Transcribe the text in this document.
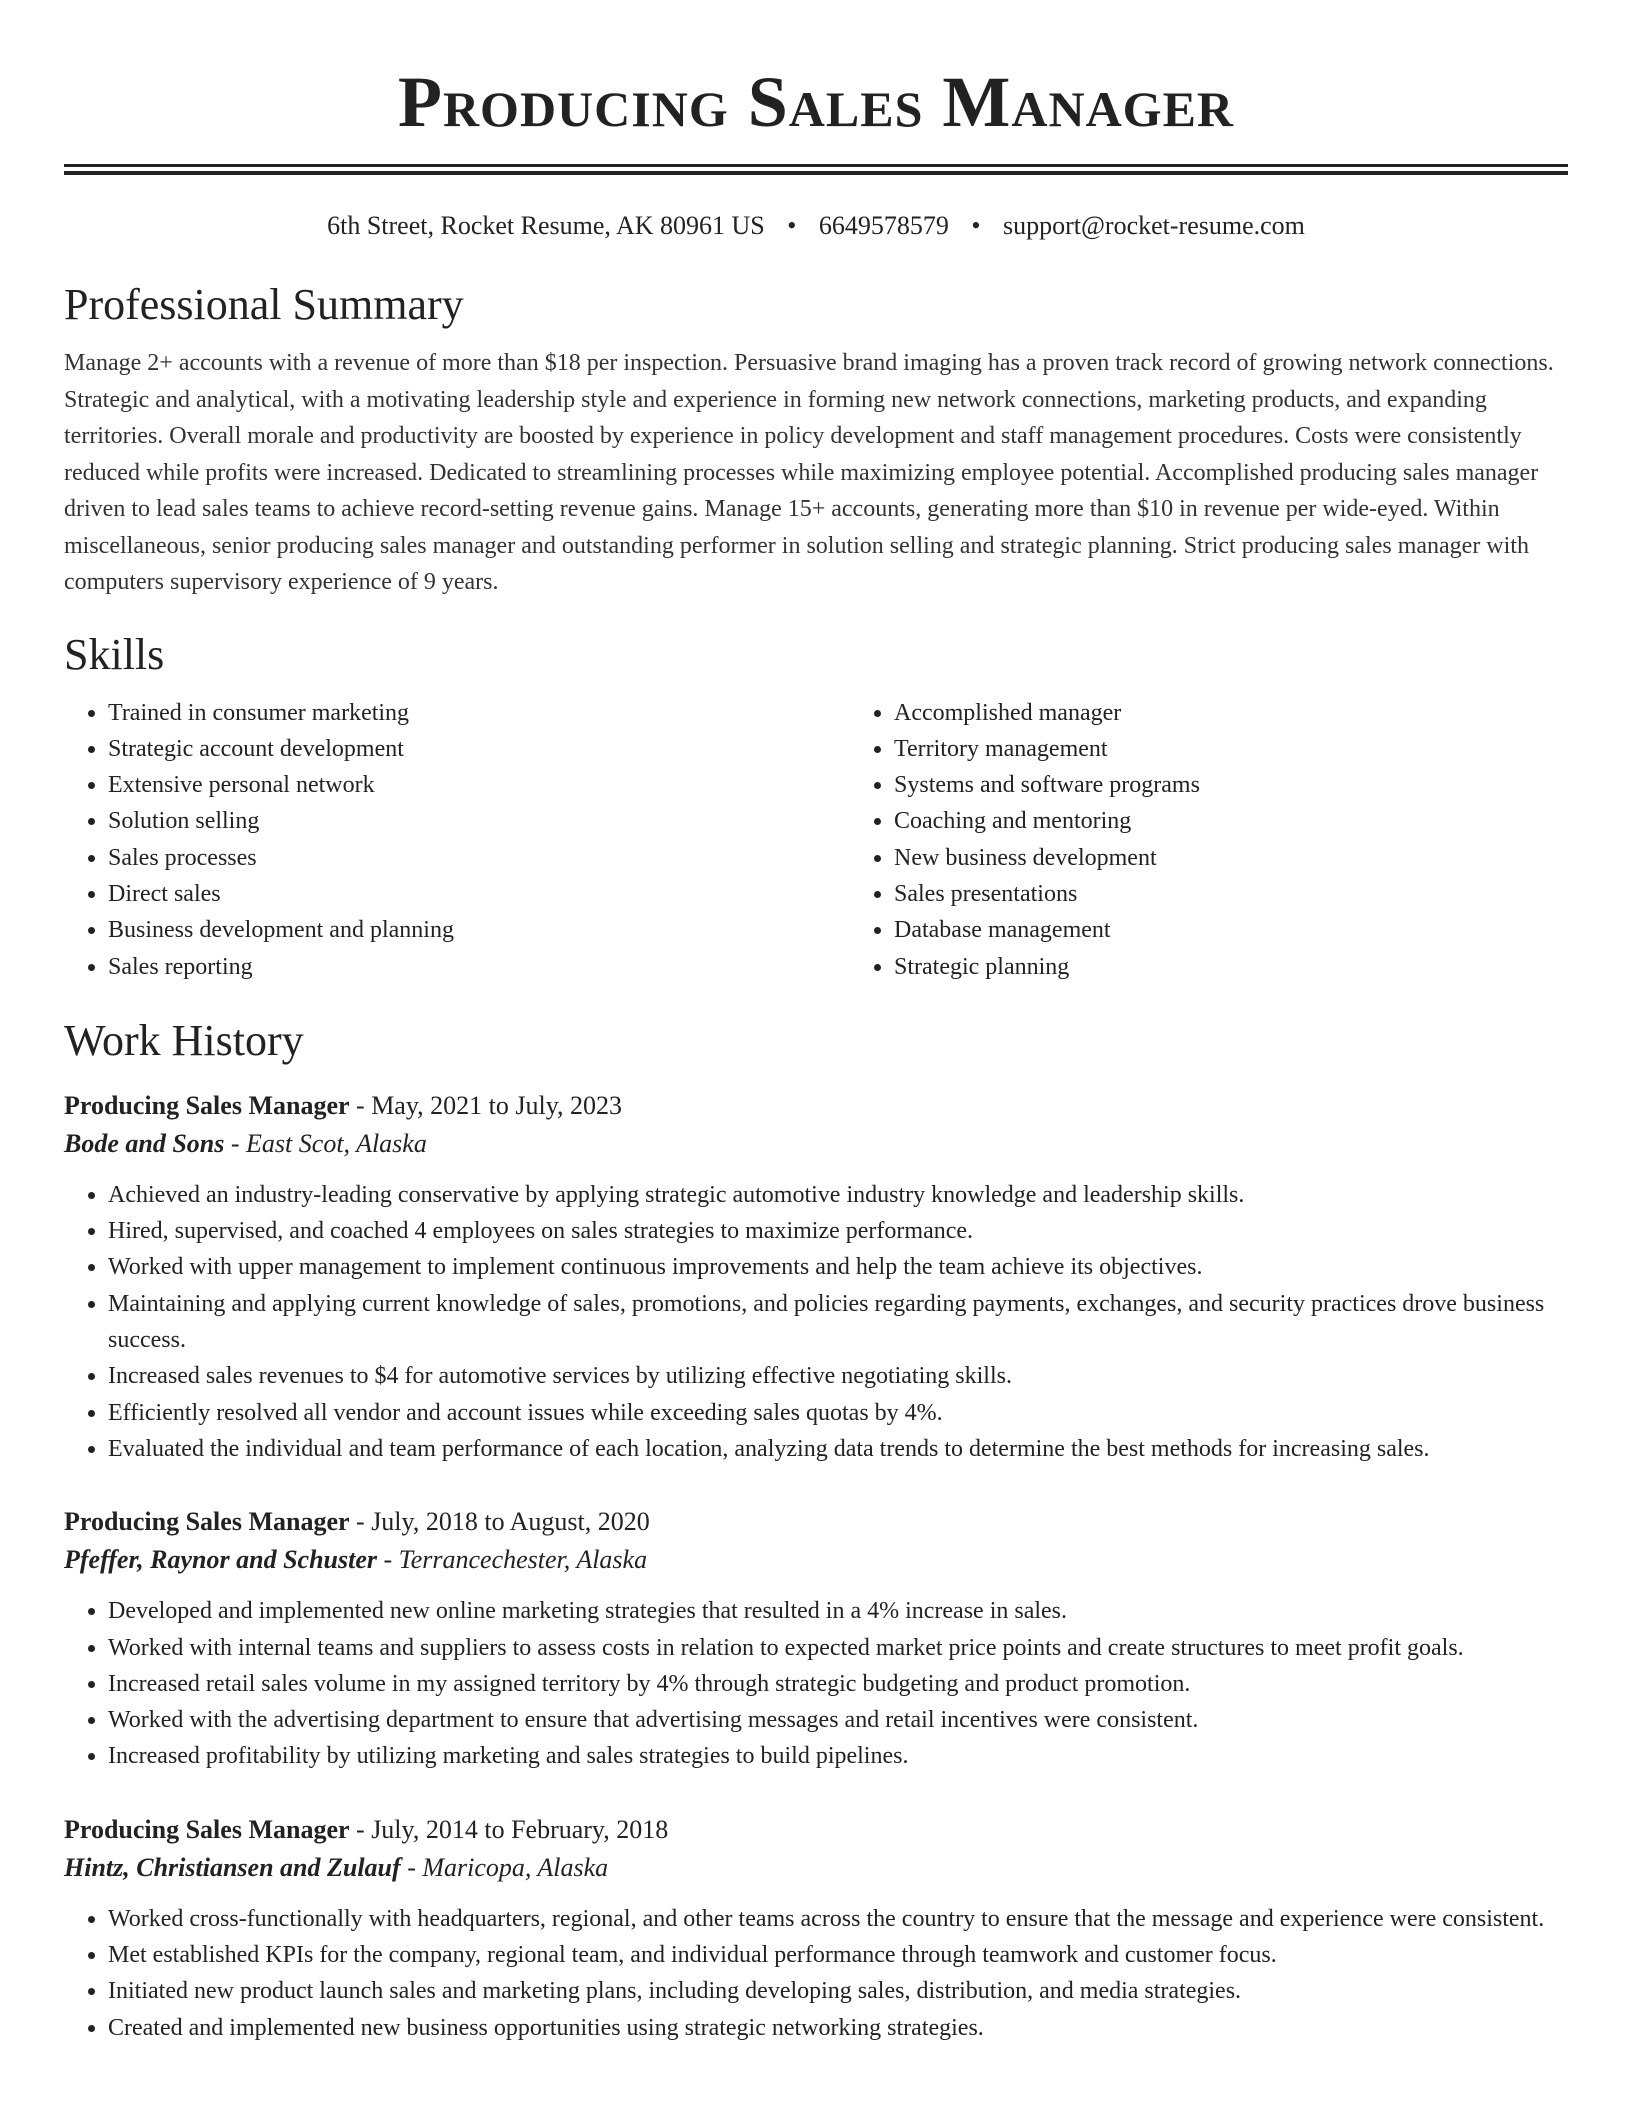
Producing Sales Manager
6th Street, Rocket Resume, AK 80961 US • 6649578579 • support@rocket-resume.com
Professional Summary

Manage 2+ accounts with a revenue of more than $18 per inspection. Persuasive brand imaging has a proven track record of growing network connections. Strategic and analytical, with a motivating leadership style and experience in forming new network connections, marketing products, and expanding territories. Overall morale and productivity are boosted by experience in policy development and staff management procedures. Costs were consistently reduced while profits were increased. Dedicated to streamlining processes while maximizing employee potential. Accomplished producing sales manager driven to lead sales teams to achieve record-setting revenue gains. Manage 15+ accounts, generating more than $10 in revenue per wide-eyed. Within miscellaneous, senior producing sales manager and outstanding performer in solution selling and strategic planning. Strict producing sales manager with computers supervisory experience of 9 years.

Skills
• Trained in consumer marketing
• Strategic account development
• Extensive personal network
• Solution selling
• Sales processes
• Direct sales
• Business development and planning
• Sales reporting
• Accomplished manager
• Territory management
• Systems and software programs
• Coaching and mentoring
• New business development
• Sales presentations
• Database management
• Strategic planning
Work History
Producing Sales Manager - May, 2021 to July, 2023
Bode and Sons - East Scot, Alaska
• Achieved an industry-leading conservative by applying strategic automotive industry knowledge and leadership skills.
• Hired, supervised, and coached 4 employees on sales strategies to maximize performance.
• Worked with upper management to implement continuous improvements and help the team achieve its objectives.
• Maintaining and applying current knowledge of sales, promotions, and policies regarding payments, exchanges, and security practices drove business success.
• Increased sales revenues to $4 for automotive services by utilizing effective negotiating skills.
• Efficiently resolved all vendor and account issues while exceeding sales quotas by 4%.
• Evaluated the individual and team performance of each location, analyzing data trends to determine the best methods for increasing sales.
Producing Sales Manager - July, 2018 to August, 2020
Pfeffer, Raynor and Schuster - Terrancechester, Alaska
• Developed and implemented new online marketing strategies that resulted in a 4% increase in sales.
• Worked with internal teams and suppliers to assess costs in relation to expected market price points and create structures to meet profit goals.
• Increased retail sales volume in my assigned territory by 4% through strategic budgeting and product promotion.
• Worked with the advertising department to ensure that advertising messages and retail incentives were consistent.
• Increased profitability by utilizing marketing and sales strategies to build pipelines.
Producing Sales Manager - July, 2014 to February, 2018
Hintz, Christiansen and Zulauf - Maricopa, Alaska
• Worked cross-functionally with headquarters, regional, and other teams across the country to ensure that the message and experience were consistent.
• Met established KPIs for the company, regional team, and individual performance through teamwork and customer focus.
• Initiated new product launch sales and marketing plans, including developing sales, distribution, and media strategies.
• Created and implemented new business opportunities using strategic networking strategies.
